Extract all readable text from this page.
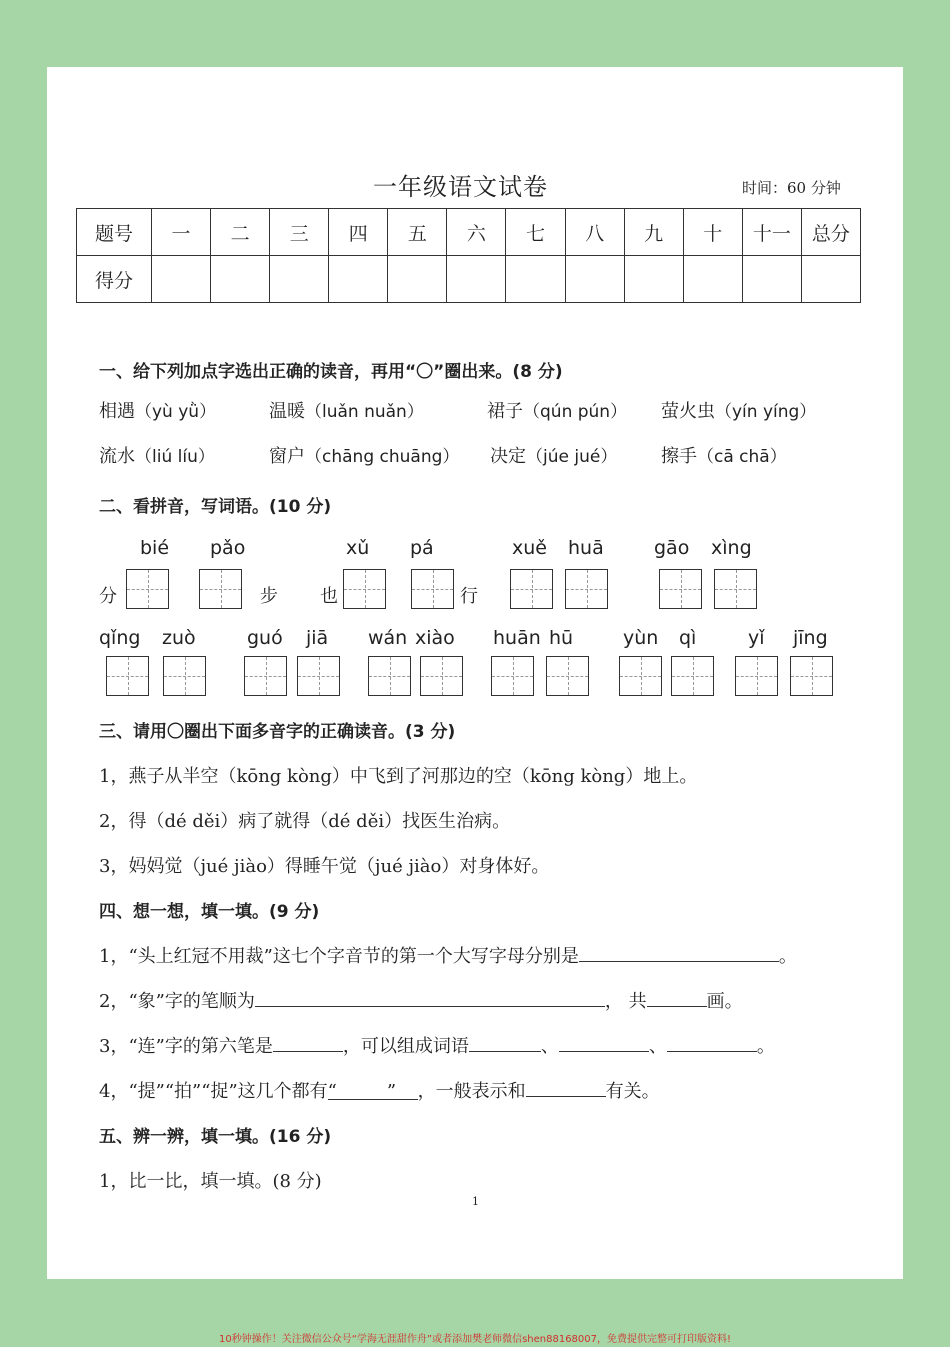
一年级语文试卷	时间：60 分钟
题号	一	二	三	四	五	六	七	八	九	十	十一	总分
得分												
一、给下列加点字选出正确的读音，再用“〇”圈出来。(8 分)
相遇（yù yǜ）	温暖（luǎn nuǎn）	裙子（qún pún） 萤火虫（yín yíng）
流水（liú líu）	窗户（chāng chuāng） 决定（júe jué） 擦手（cā chā）
二、看拼音，写词语。(10 分)
bié pǎo	xǔ pá	xuě huā	gāo xìng
分	步 也	行
qǐng zuò	guó jiā wán xiào huān hū	yùn qì	yǐ jīng
三、请用〇圈出下面多音字的正确读音。(3 分)
1，燕子从半空（kōng kòng）中飞到了河那边的空（kōng kòng）地上。
2，得（dé děi）病了就得（dé děi）找医生治病。
3，妈妈觉（jué jiào）得睡午觉（jué jiào）对身体好。
四、想一想，填一填。(9 分)
1，“头上红冠不用裁”这七个字音节的第一个大写字母分别是	。
2，“象”字的笔顺为	， 共	画。
3，“连”字的第六笔是	，可以组成词语	、	、	。
4，“提”“拍”“捉”这几个都有“	” ，一般表示和	有关。
五、辨一辨，填一填。(16 分)
1，比一比，填一填。(8 分)
1
10秒钟操作！关注微信公众号“学海无涯甜作舟”或者添加樊老师微信shen88168007，免费提供完整可打印版资料!
